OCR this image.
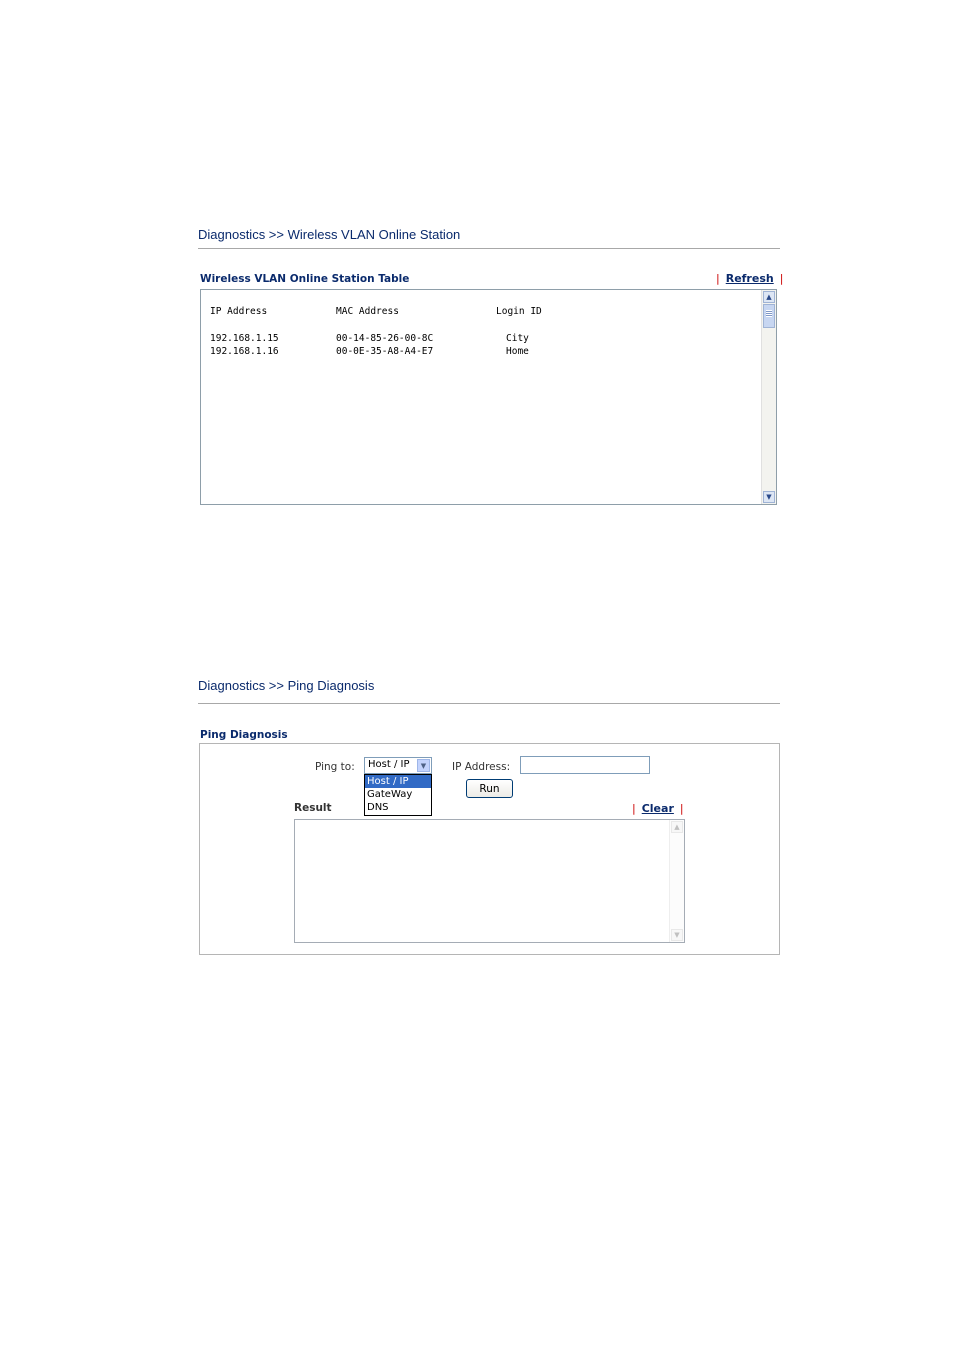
Diagnostics >> Wireless VLAN Online Station
Wireless VLAN Online Station Table	| Refresh |
IP Address	MAC Address	Login ID
192.168.1.15	00-14-85-26-00-8C	City
192.168.1.16	00-0E-35-A8-A4-E7	Home
▲
▼
Diagnostics >> Ping Diagnosis
Ping Diagnosis
Ping to: Host / IP	▼
Host / IP
GateWay
DNS
IP Address:
Run
Result	| Clear |
▲
▼
